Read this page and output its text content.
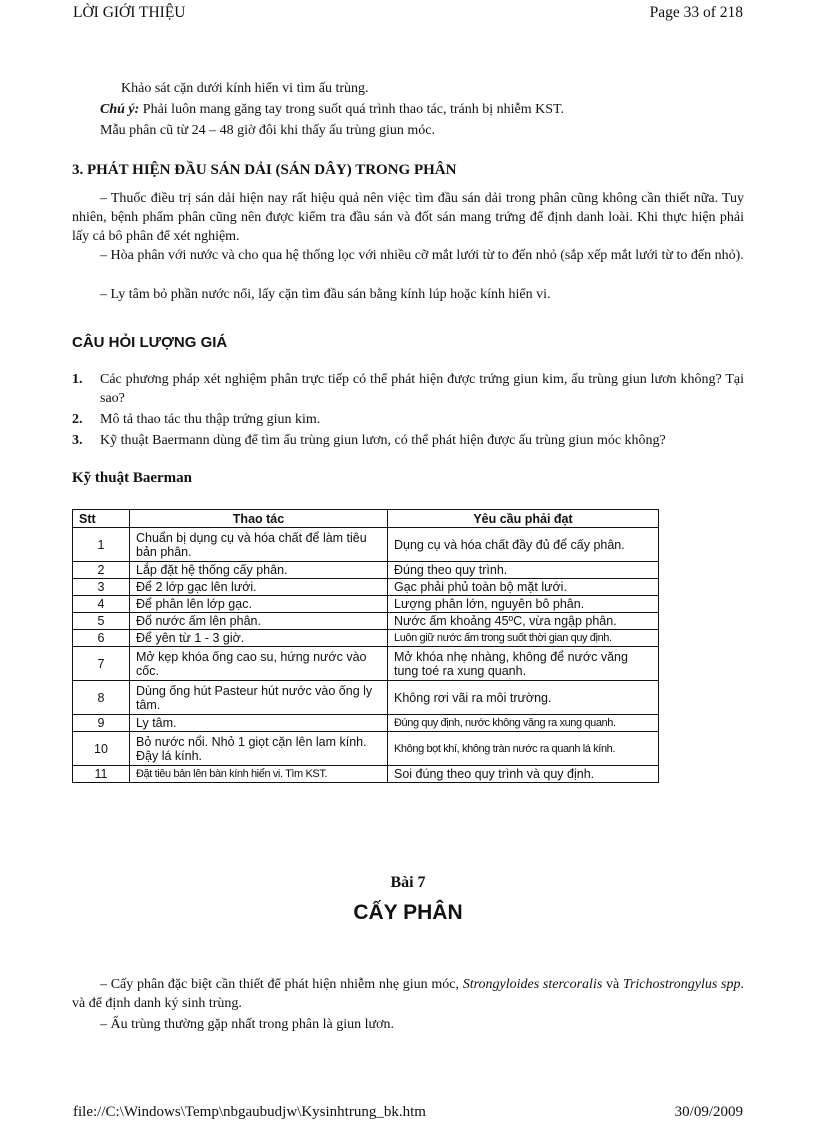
LỜI GIỚI THIỆU	Page 33 of 218
Khảo sát cặn dưới kính hiển vi tìm ấu trùng.
Chú ý: Phải luôn mang găng tay trong suốt quá trình thao tác, tránh bị nhiễm KST.
Mẫu phân cũ từ 24 – 48 giờ đôi khi thấy ấu trùng giun móc.
3. PHÁT HIỆN ĐẦU SÁN DẢI (SÁN DÂY) TRONG PHÂN
– Thuốc điều trị sán dải hiện nay rất hiệu quả nên việc tìm đầu sán dải trong phân cũng không cần thiết nữa. Tuy nhiên, bệnh phẩm phân cũng nên được kiểm tra đầu sán và đốt sán mang trứng để định danh loài. Khi thực hiện phải lấy cả bô phân để xét nghiệm.
– Hòa phân với nước và cho qua hệ thống lọc với nhiều cỡ mắt lưới từ to đến nhỏ (sắp xếp mắt lưới từ to đến nhỏ).
– Ly tâm bỏ phần nước nổi, lấy cặn tìm đầu sán bằng kính lúp hoặc kính hiển vi.
CÂU HỎI LƯỢNG GIÁ
1. Các phương pháp xét nghiệm phân trực tiếp có thể phát hiện được trứng giun kim, ấu trùng giun lươn không? Tại sao?
2. Mô tả thao tác thu thập trứng giun kim.
3. Kỹ thuật Baermann dùng để tìm ấu trùng giun lươn, có thể phát hiện được ấu trùng giun móc không?
Kỹ thuật Baerman
Stt	Thao tác	Yêu cầu phải đạt
1	Chuẩn bị dụng cụ và hóa chất để làm tiêu bản phân.	Dụng cụ và hóa chất đầy đủ để cấy phân.
2	Lắp đặt hệ thống cấy phân.	Đúng theo quy trình.
3	Để 2 lớp gạc lên lưới.	Gạc phải phủ toàn bộ mặt lưới.
4	Để phân lên lớp gạc.	Lượng phân lớn, nguyên bô phân.
5	Đổ nước ấm lên phân.	Nước ấm khoảng 45ºC, vừa ngập phân.
6	Để yên từ 1 - 3 giờ.	Luôn giữ nước ấm trong suốt thời gian quy định.
7	Mở kẹp khóa ống cao su, hứng nước vào cốc.	Mở khóa nhẹ nhàng, không để nước văng tung toé ra xung quanh.
8	Dùng ống hút Pasteur hút nước vào ống ly tâm.	Không rơi vãi ra môi trường.
9	Ly tâm.	Đúng quy định, nước không văng ra xung quanh.
10	Bỏ nước nổi. Nhỏ 1 giọt cặn lên lam kính. Đậy lá kính.	Không bọt khí, không tràn nước ra quanh lá kính.
11	Đặt tiêu bản lên bàn kính hiển vi. Tìm KST.	Soi đúng theo quy trình và quy định.
Bài 7
CẤY PHÂN
– Cấy phân đặc biệt cần thiết để phát hiện nhiễm nhẹ giun móc, Strongyloides stercoralis và Trichostrongylus spp. và để định danh ký sinh trùng.
– Ấu trùng thường gặp nhất trong phân là giun lươn.
file://C:\Windows\Temp\nbgaubudjw\Kysinhtrung_bk.htm	30/09/2009
